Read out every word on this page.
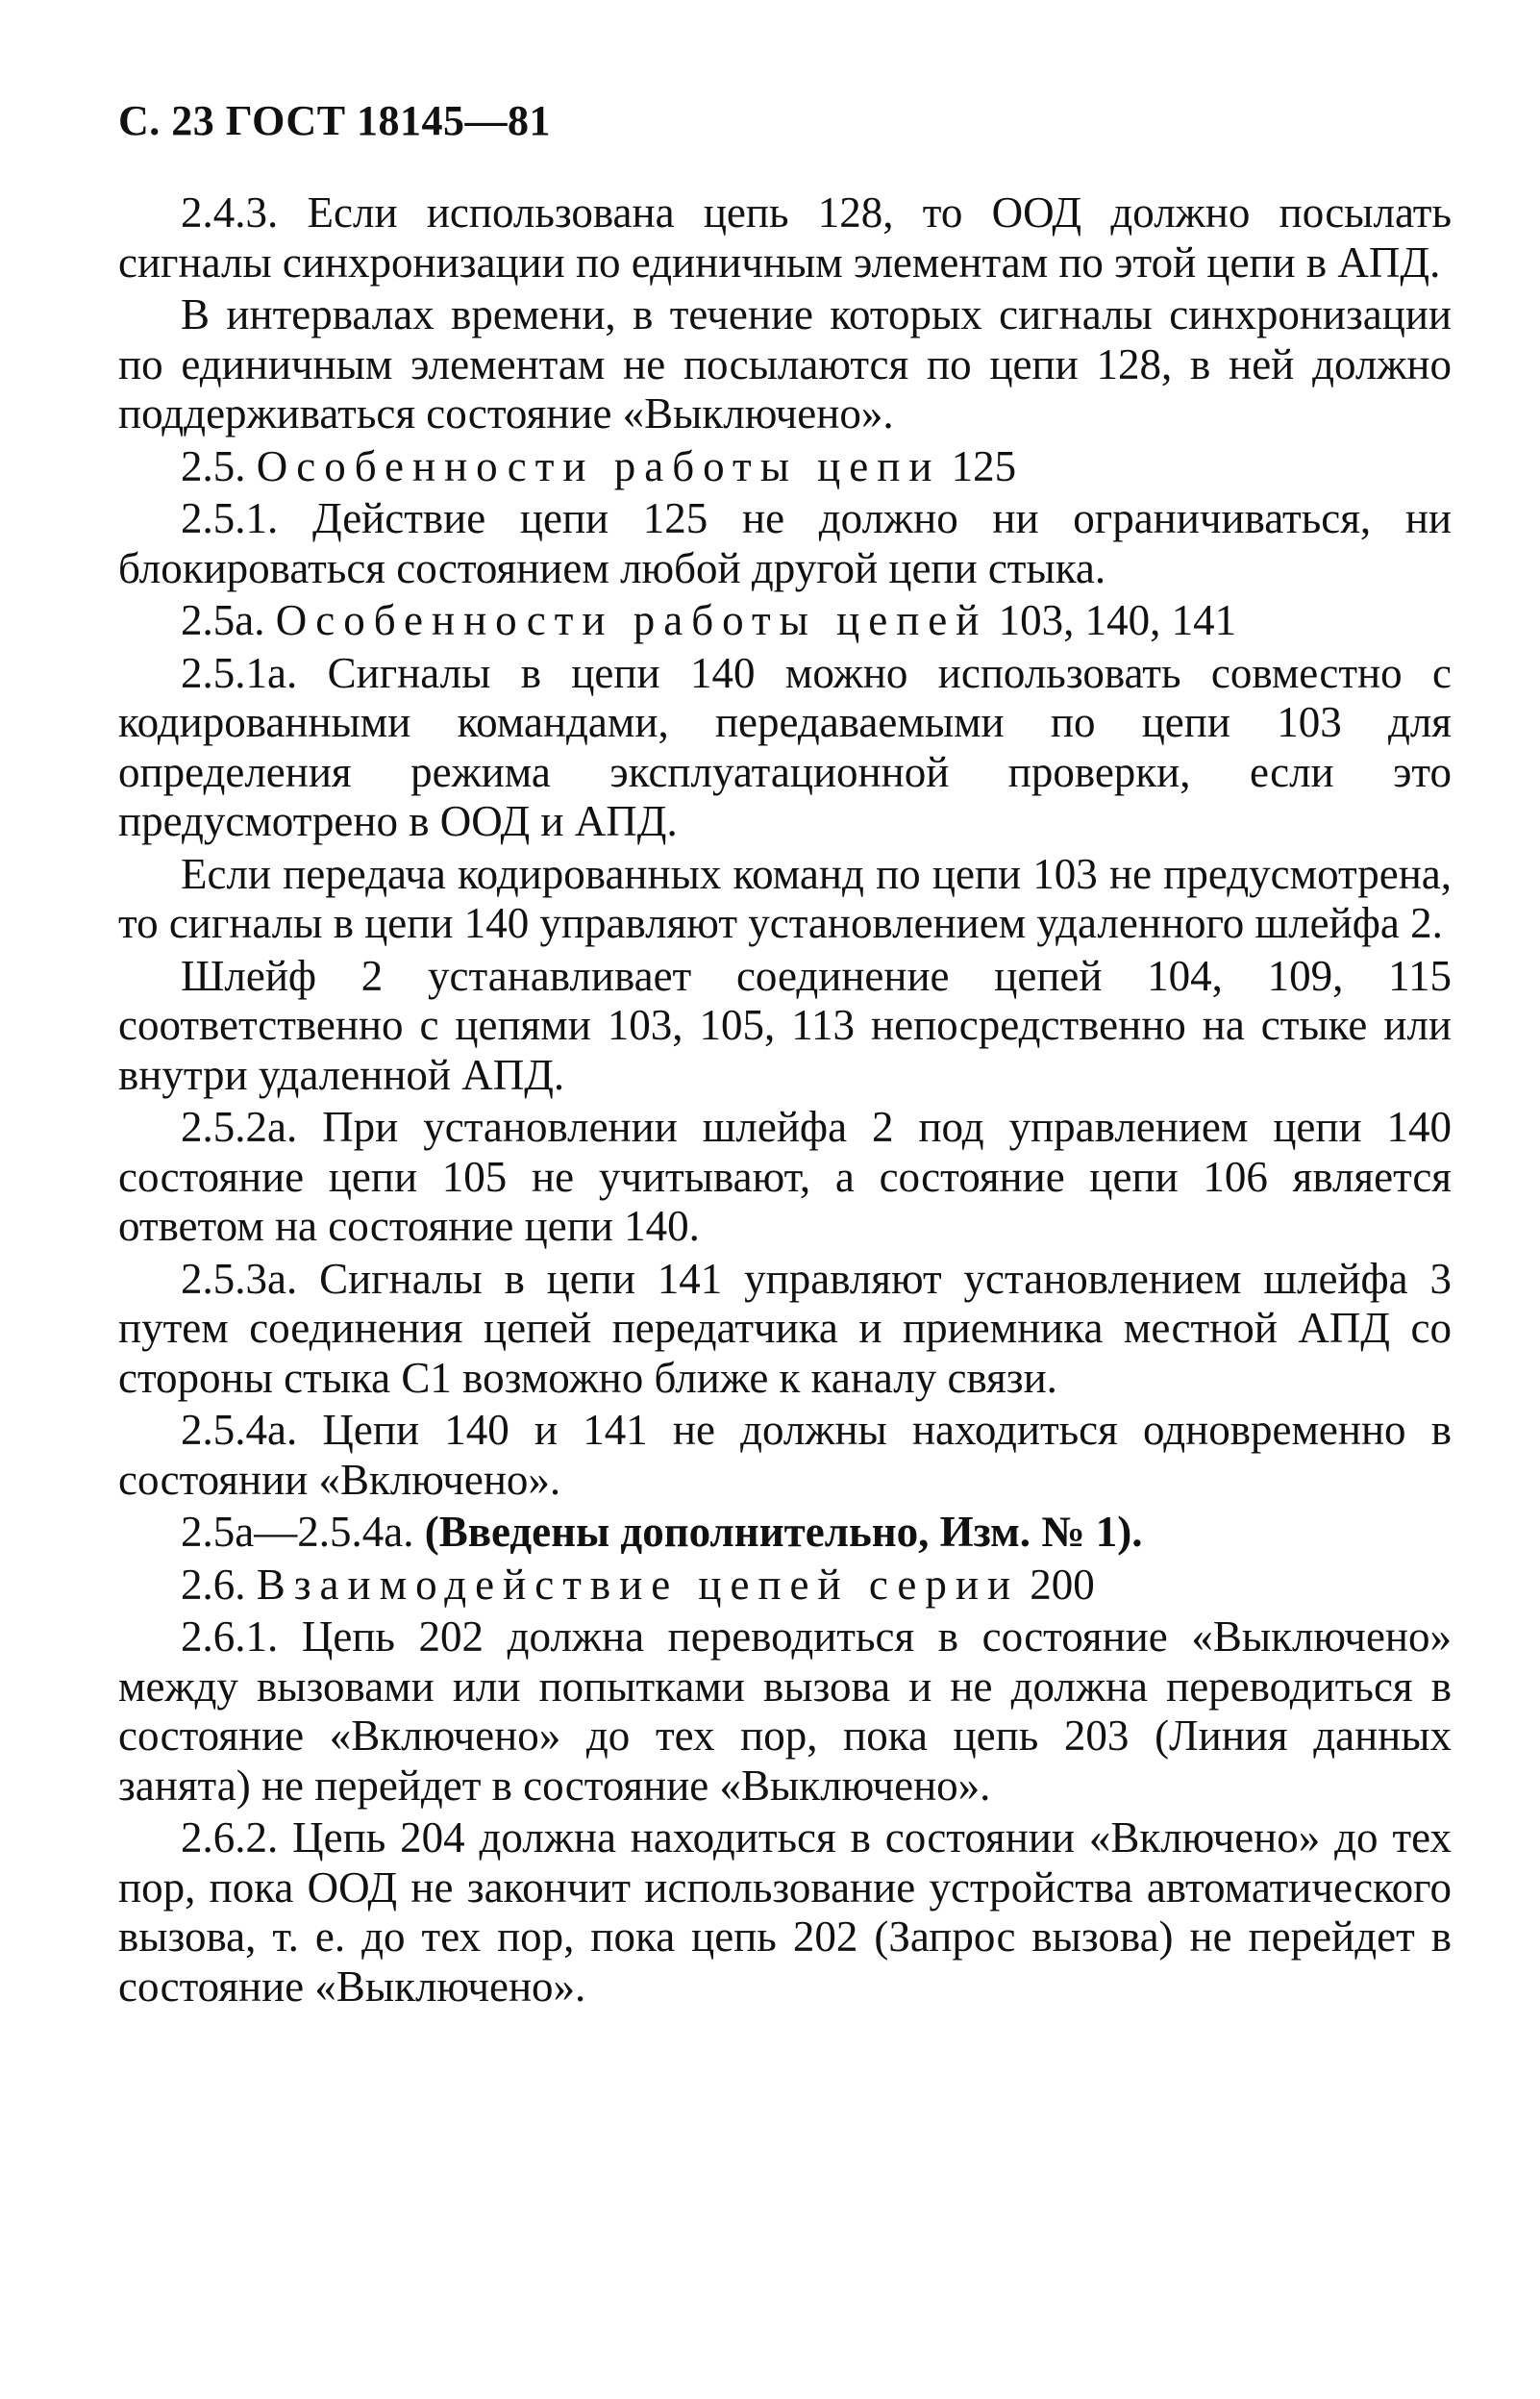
С. 23 ГОСТ 18145—81

2.4.3. Если использована цепь 128, то ООД должно посылать сигналы синхронизации по единичным элементам по этой цепи в АПД.

В интервалах времени, в течение которых сигналы синхронизации по единичным элементам не посылаются по цепи 128, в ней должно поддерживаться состояние «Выключено».

2.5. Особенности работы цепи 125

2.5.1. Действие цепи 125 не должно ни ограничиваться, ни блокироваться состоянием любой другой цепи стыка.

2.5а. Особенности работы цепей 103, 140, 141

2.5.1а. Сигналы в цепи 140 можно использовать совместно с кодированными командами, передаваемыми по цепи 103 для определения режима эксплуатационной проверки, если это предусмотрено в ООД и АПД.

Если передача кодированных команд по цепи 103 не предусмотрена, то сигналы в цепи 140 управляют установлением удаленного шлейфа 2.

Шлейф 2 устанавливает соединение цепей 104, 109, 115 соответственно с цепями 103, 105, 113 непосредственно на стыке или внутри удаленной АПД.

2.5.2а. При установлении шлейфа 2 под управлением цепи 140 состояние цепи 105 не учитывают, а состояние цепи 106 является ответом на состояние цепи 140.

2.5.3а. Сигналы в цепи 141 управляют установлением шлейфа 3 путем соединения цепей передатчика и приемника местной АПД со стороны стыка С1 возможно ближе к каналу связи.

2.5.4а. Цепи 140 и 141 не должны находиться одновременно в состоянии «Включено».

2.5а—2.5.4а. (Введены дополнительно, Изм. № 1).

2.6. Взаимодействие цепей серии 200

2.6.1. Цепь 202 должна переводиться в состояние «Выключено» между вызовами или попытками вызова и не должна переводиться в состояние «Включено» до тех пор, пока цепь 203 (Линия данных занята) не перейдет в состояние «Выключено».

2.6.2. Цепь 204 должна находиться в состоянии «Включено» до тех пор, пока ООД не закончит использование устройства автоматического вызова, т. е. до тех пор, пока цепь 202 (Запрос вызова) не перейдет в состояние «Выключено».
